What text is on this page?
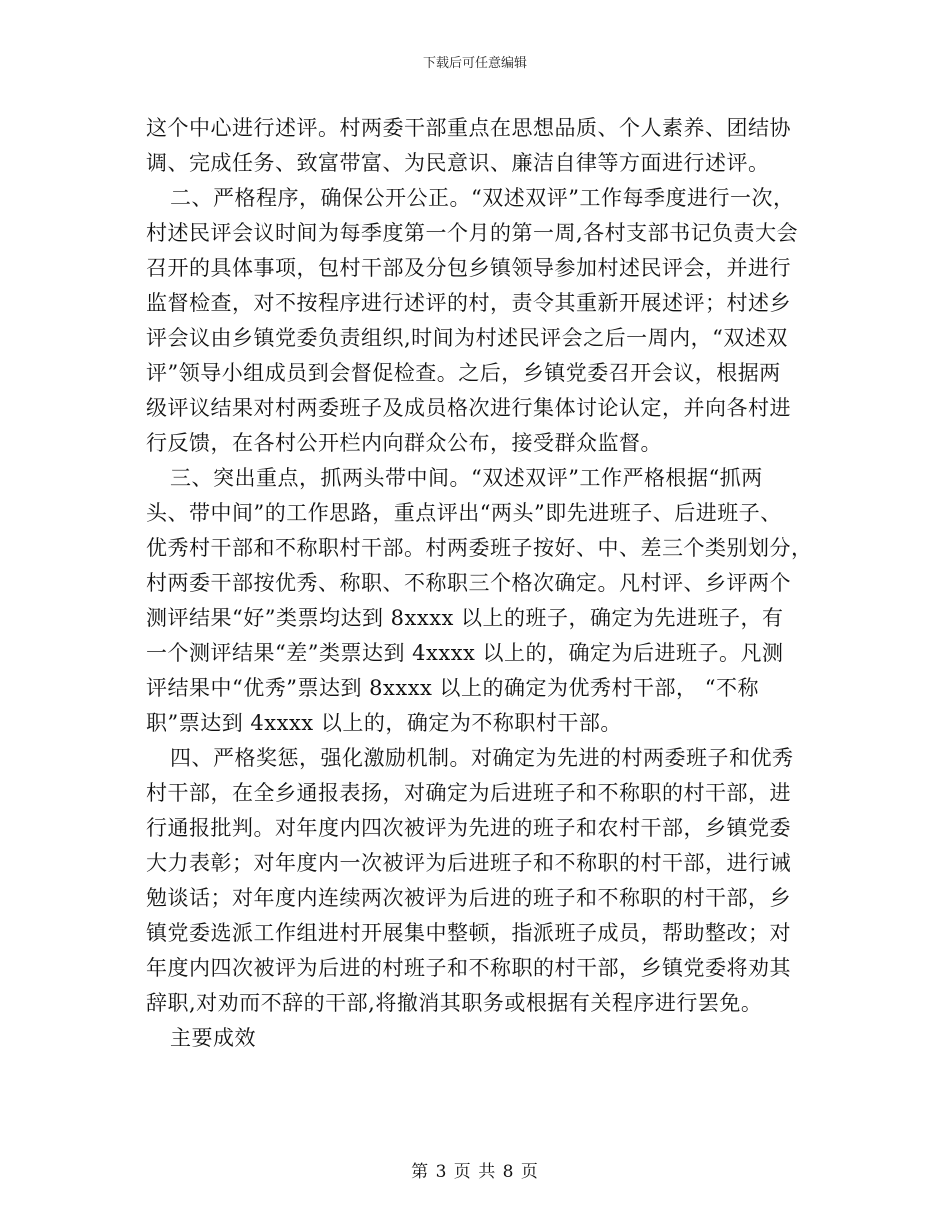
下载后可任意编辑
这个中心进行述评。村两委干部重点在思想品质、个人素养、团结协
调、完成任务、致富带富、为民意识、廉洁自律等方面进行述评。
二、严格程序，确保公开公正。“双述双评”工作每季度进行一次，
村述民评会议时间为每季度第一个月的第一周,各村支部书记负责大会
召开的具体事项，包村干部及分包乡镇领导参加村述民评会，并进行
监督检查，对不按程序进行述评的村，责令其重新开展述评；村述乡
评会议由乡镇党委负责组织,时间为村述民评会之后一周内，“双述双
评”领导小组成员到会督促检查。之后，乡镇党委召开会议，根据两
级评议结果对村两委班子及成员格次进行集体讨论认定，并向各村进
行反馈，在各村公开栏内向群众公布，接受群众监督。
三、突出重点，抓两头带中间。“双述双评”工作严格根据“抓两
头、带中间”的工作思路，重点评出“两头”即先进班子、后进班子、
优秀村干部和不称职村干部。村两委班子按好、中、差三个类别划分，
村两委干部按优秀、称职、不称职三个格次确定。凡村评、乡评两个
测评结果“好”类票均达到 8xxxx 以上的班子，确定为先进班子，有
一个测评结果“差”类票达到 4xxxx 以上的，确定为后进班子。凡测
评结果中“优秀”票达到 8xxxx 以上的确定为优秀村干部， “不称
职”票达到 4xxxx 以上的，确定为不称职村干部。
四、严格奖惩，强化激励机制。对确定为先进的村两委班子和优秀
村干部，在全乡通报表扬，对确定为后进班子和不称职的村干部，进
行通报批判。对年度内四次被评为先进的班子和农村干部，乡镇党委
大力表彰；对年度内一次被评为后进班子和不称职的村干部，进行诫
勉谈话；对年度内连续两次被评为后进的班子和不称职的村干部，乡
镇党委选派工作组进村开展集中整顿，指派班子成员，帮助整改；对
年度内四次被评为后进的村班子和不称职的村干部，乡镇党委将劝其
辞职,对劝而不辞的干部,将撤消其职务或根据有关程序进行罢免。
主要成效
第 3 页 共 8 页
